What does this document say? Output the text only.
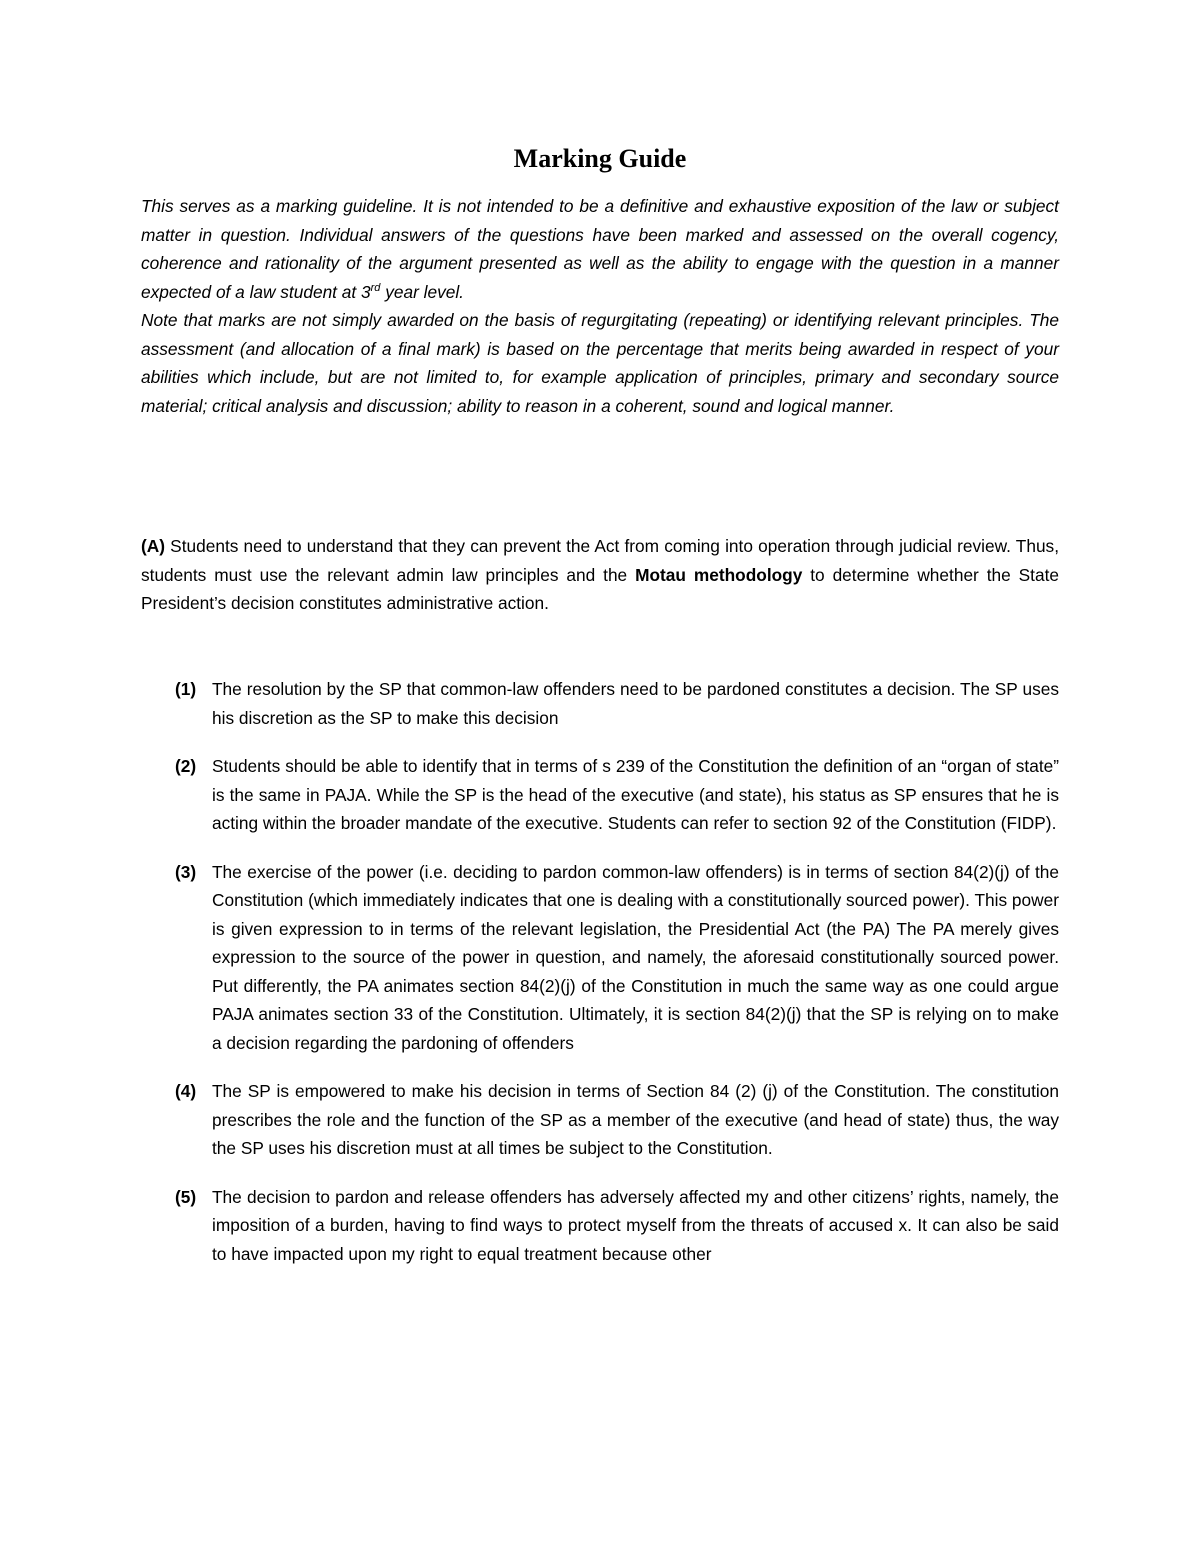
Marking Guide

This serves as a marking guideline. It is not intended to be a definitive and exhaustive exposition of the law or subject matter in question. Individual answers of the questions have been marked and assessed on the overall cogency, coherence and rationality of the argument presented as well as the ability to engage with the question in a manner expected of a law student at 3rd year level.

Note that marks are not simply awarded on the basis of regurgitating (repeating) or identifying relevant principles. The assessment (and allocation of a final mark) is based on the percentage that merits being awarded in respect of your abilities which include, but are not limited to, for example application of principles, primary and secondary source material; critical analysis and discussion; ability to reason in a coherent, sound and logical manner.

(A) Students need to understand that they can prevent the Act from coming into operation through judicial review. Thus, students must use the relevant admin law principles and the Motau methodology to determine whether the State President’s decision constitutes administrative action.

(1) The resolution by the SP that common-law offenders need to be pardoned constitutes a decision. The SP uses his discretion as the SP to make this decision
(2) Students should be able to identify that in terms of s 239 of the Constitution the definition of an “organ of state” is the same in PAJA. While the SP is the head of the executive (and state), his status as SP ensures that he is acting within the broader mandate of the executive. Students can refer to section 92 of the Constitution (FIDP).
(3) The exercise of the power (i.e. deciding to pardon common-law offenders) is in terms of section 84(2)(j) of the Constitution (which immediately indicates that one is dealing with a constitutionally sourced power). This power is given expression to in terms of the relevant legislation, the Presidential Act (the PA) The PA merely gives expression to the source of the power in question, and namely, the aforesaid constitutionally sourced power. Put differently, the PA animates section 84(2)(j) of the Constitution in much the same way as one could argue PAJA animates section 33 of the Constitution. Ultimately, it is section 84(2)(j) that the SP is relying on to make a decision regarding the pardoning of offenders
(4) The SP is empowered to make his decision in terms of Section 84 (2) (j) of the Constitution. The constitution prescribes the role and the function of the SP as a member of the executive (and head of state) thus, the way the SP uses his discretion must at all times be subject to the Constitution.
(5) The decision to pardon and release offenders has adversely affected my and other citizens’ rights, namely, the imposition of a burden, having to find ways to protect myself from the threats of accused x. It can also be said to have impacted upon my right to equal treatment because other
